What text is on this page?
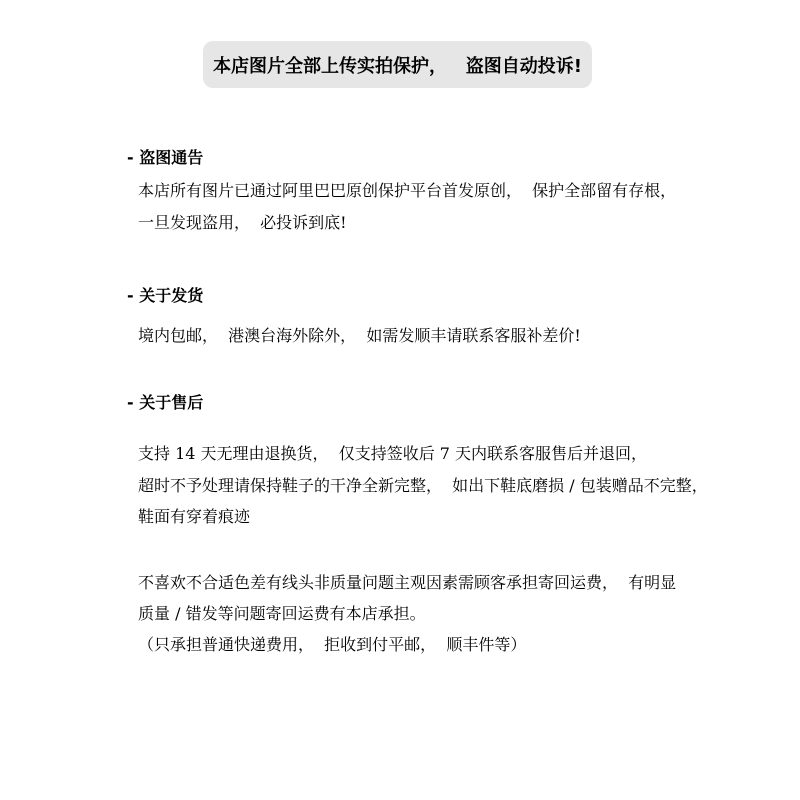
本店图片全部上传实拍保护，   盗图自动投诉!
- 盗图通告
本店所有图片已通过阿里巴巴原创保护平台首发原创，  保护全部留有存根，
一旦发现盗用，  必投诉到底!
- 关于发货
境内包邮，  港澳台海外除外，  如需发顺丰请联系客服补差价!
- 关于售后
支持 14 天无理由退换货，  仅支持签收后 7 天内联系客服售后并退回，
超时不予处理请保持鞋子的干净全新完整，  如出下鞋底磨损 / 包装赠品不完整，
鞋面有穿着痕迹
不喜欢不合适色差有线头非质量问题主观因素需顾客承担寄回运费，  有明显
质量 / 错发等问题寄回运费有本店承担。
（只承担普通快递费用，  拒收到付平邮，  顺丰件等）
